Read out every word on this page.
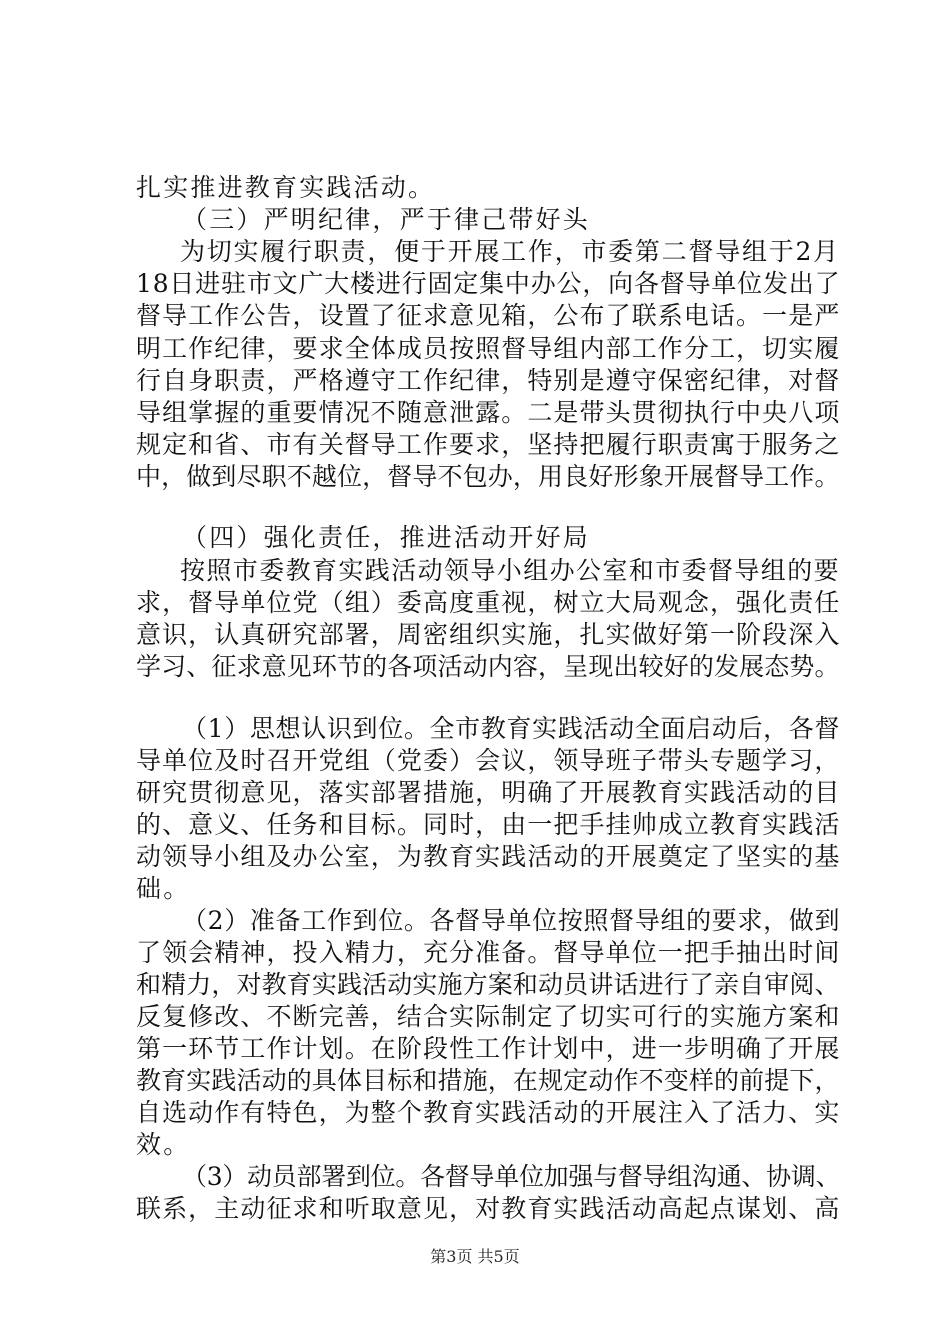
扎实推进教育实践活动。
（三）严明纪律，严于律己带好头
为切实履行职责，便于开展工作，市委第二督导组于2月
18日进驻市文广大楼进行固定集中办公，向各督导单位发出了
督导工作公告，设置了征求意见箱，公布了联系电话。一是严
明工作纪律，要求全体成员按照督导组内部工作分工，切实履
行自身职责，严格遵守工作纪律，特别是遵守保密纪律，对督
导组掌握的重要情况不随意泄露。二是带头贯彻执行中央八项
规定和省、市有关督导工作要求，坚持把履行职责寓于服务之
中，做到尽职不越位，督导不包办，用良好形象开展督导工作。
（四）强化责任，推进活动开好局
按照市委教育实践活动领导小组办公室和市委督导组的要
求，督导单位党（组）委高度重视，树立大局观念，强化责任
意识，认真研究部署，周密组织实施，扎实做好第一阶段深入
学习、征求意见环节的各项活动内容，呈现出较好的发展态势。
（1）思想认识到位。全市教育实践活动全面启动后，各督
导单位及时召开党组（党委）会议，领导班子带头专题学习，
研究贯彻意见，落实部署措施，明确了开展教育实践活动的目
的、意义、任务和目标。同时，由一把手挂帅成立教育实践活
动领导小组及办公室，为教育实践活动的开展奠定了坚实的基
础。
（2）准备工作到位。各督导单位按照督导组的要求，做到
了领会精神，投入精力，充分准备。督导单位一把手抽出时间
和精力，对教育实践活动实施方案和动员讲话进行了亲自审阅、
反复修改、不断完善，结合实际制定了切实可行的实施方案和
第一环节工作计划。在阶段性工作计划中，进一步明确了开展
教育实践活动的具体目标和措施，在规定动作不变样的前提下，
自选动作有特色，为整个教育实践活动的开展注入了活力、实
效。
（3）动员部署到位。各督导单位加强与督导组沟通、协调、
联系，主动征求和听取意见，对教育实践活动高起点谋划、高
第3页 共5页
